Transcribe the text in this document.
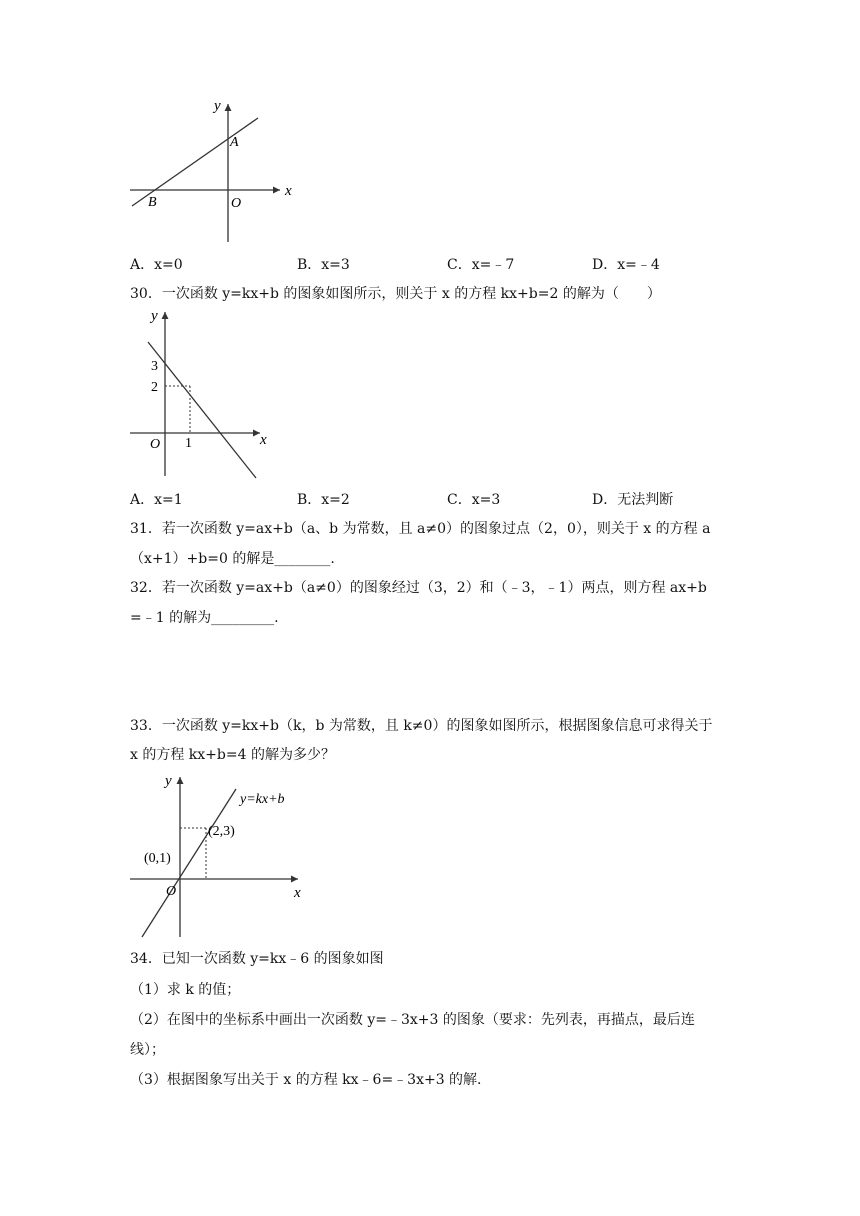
y
x
A
B	O
A．x=0	B．x=3	C．x=﹣7	D．x=﹣4
30．一次函数 y=kx+b 的图象如图所示，则关于 x 的方程 kx+b=2 的解为（　　）
y
x
3
2
1
O
A．x=1	B．x=2	C．x=3	D．无法判断
31．若一次函数 y=ax+b（a、b 为常数，且 a≠0）的图象过点（2，0），则关于 x 的方程 a
（x+1）+b=0 的解是________.
32．若一次函数 y=ax+b（a≠0）的图象经过（3，2）和（﹣3，﹣1）两点，则方程 ax+b
=﹣1 的解为_________.
33．一次函数 y=kx+b（k，b 为常数，且 k≠0）的图象如图所示，根据图象信息可求得关于
x 的方程 kx+b=4 的解为多少？
y
x
y=kx+b
(0,1)
(2,3)
O
34．已知一次函数 y=kx﹣6 的图象如图
（1）求 k 的值；
（2）在图中的坐标系中画出一次函数 y=﹣3x+3 的图象（要求：先列表，再描点，最后连
线）；
（3）根据图象写出关于 x 的方程 kx﹣6=﹣3x+3 的解.
